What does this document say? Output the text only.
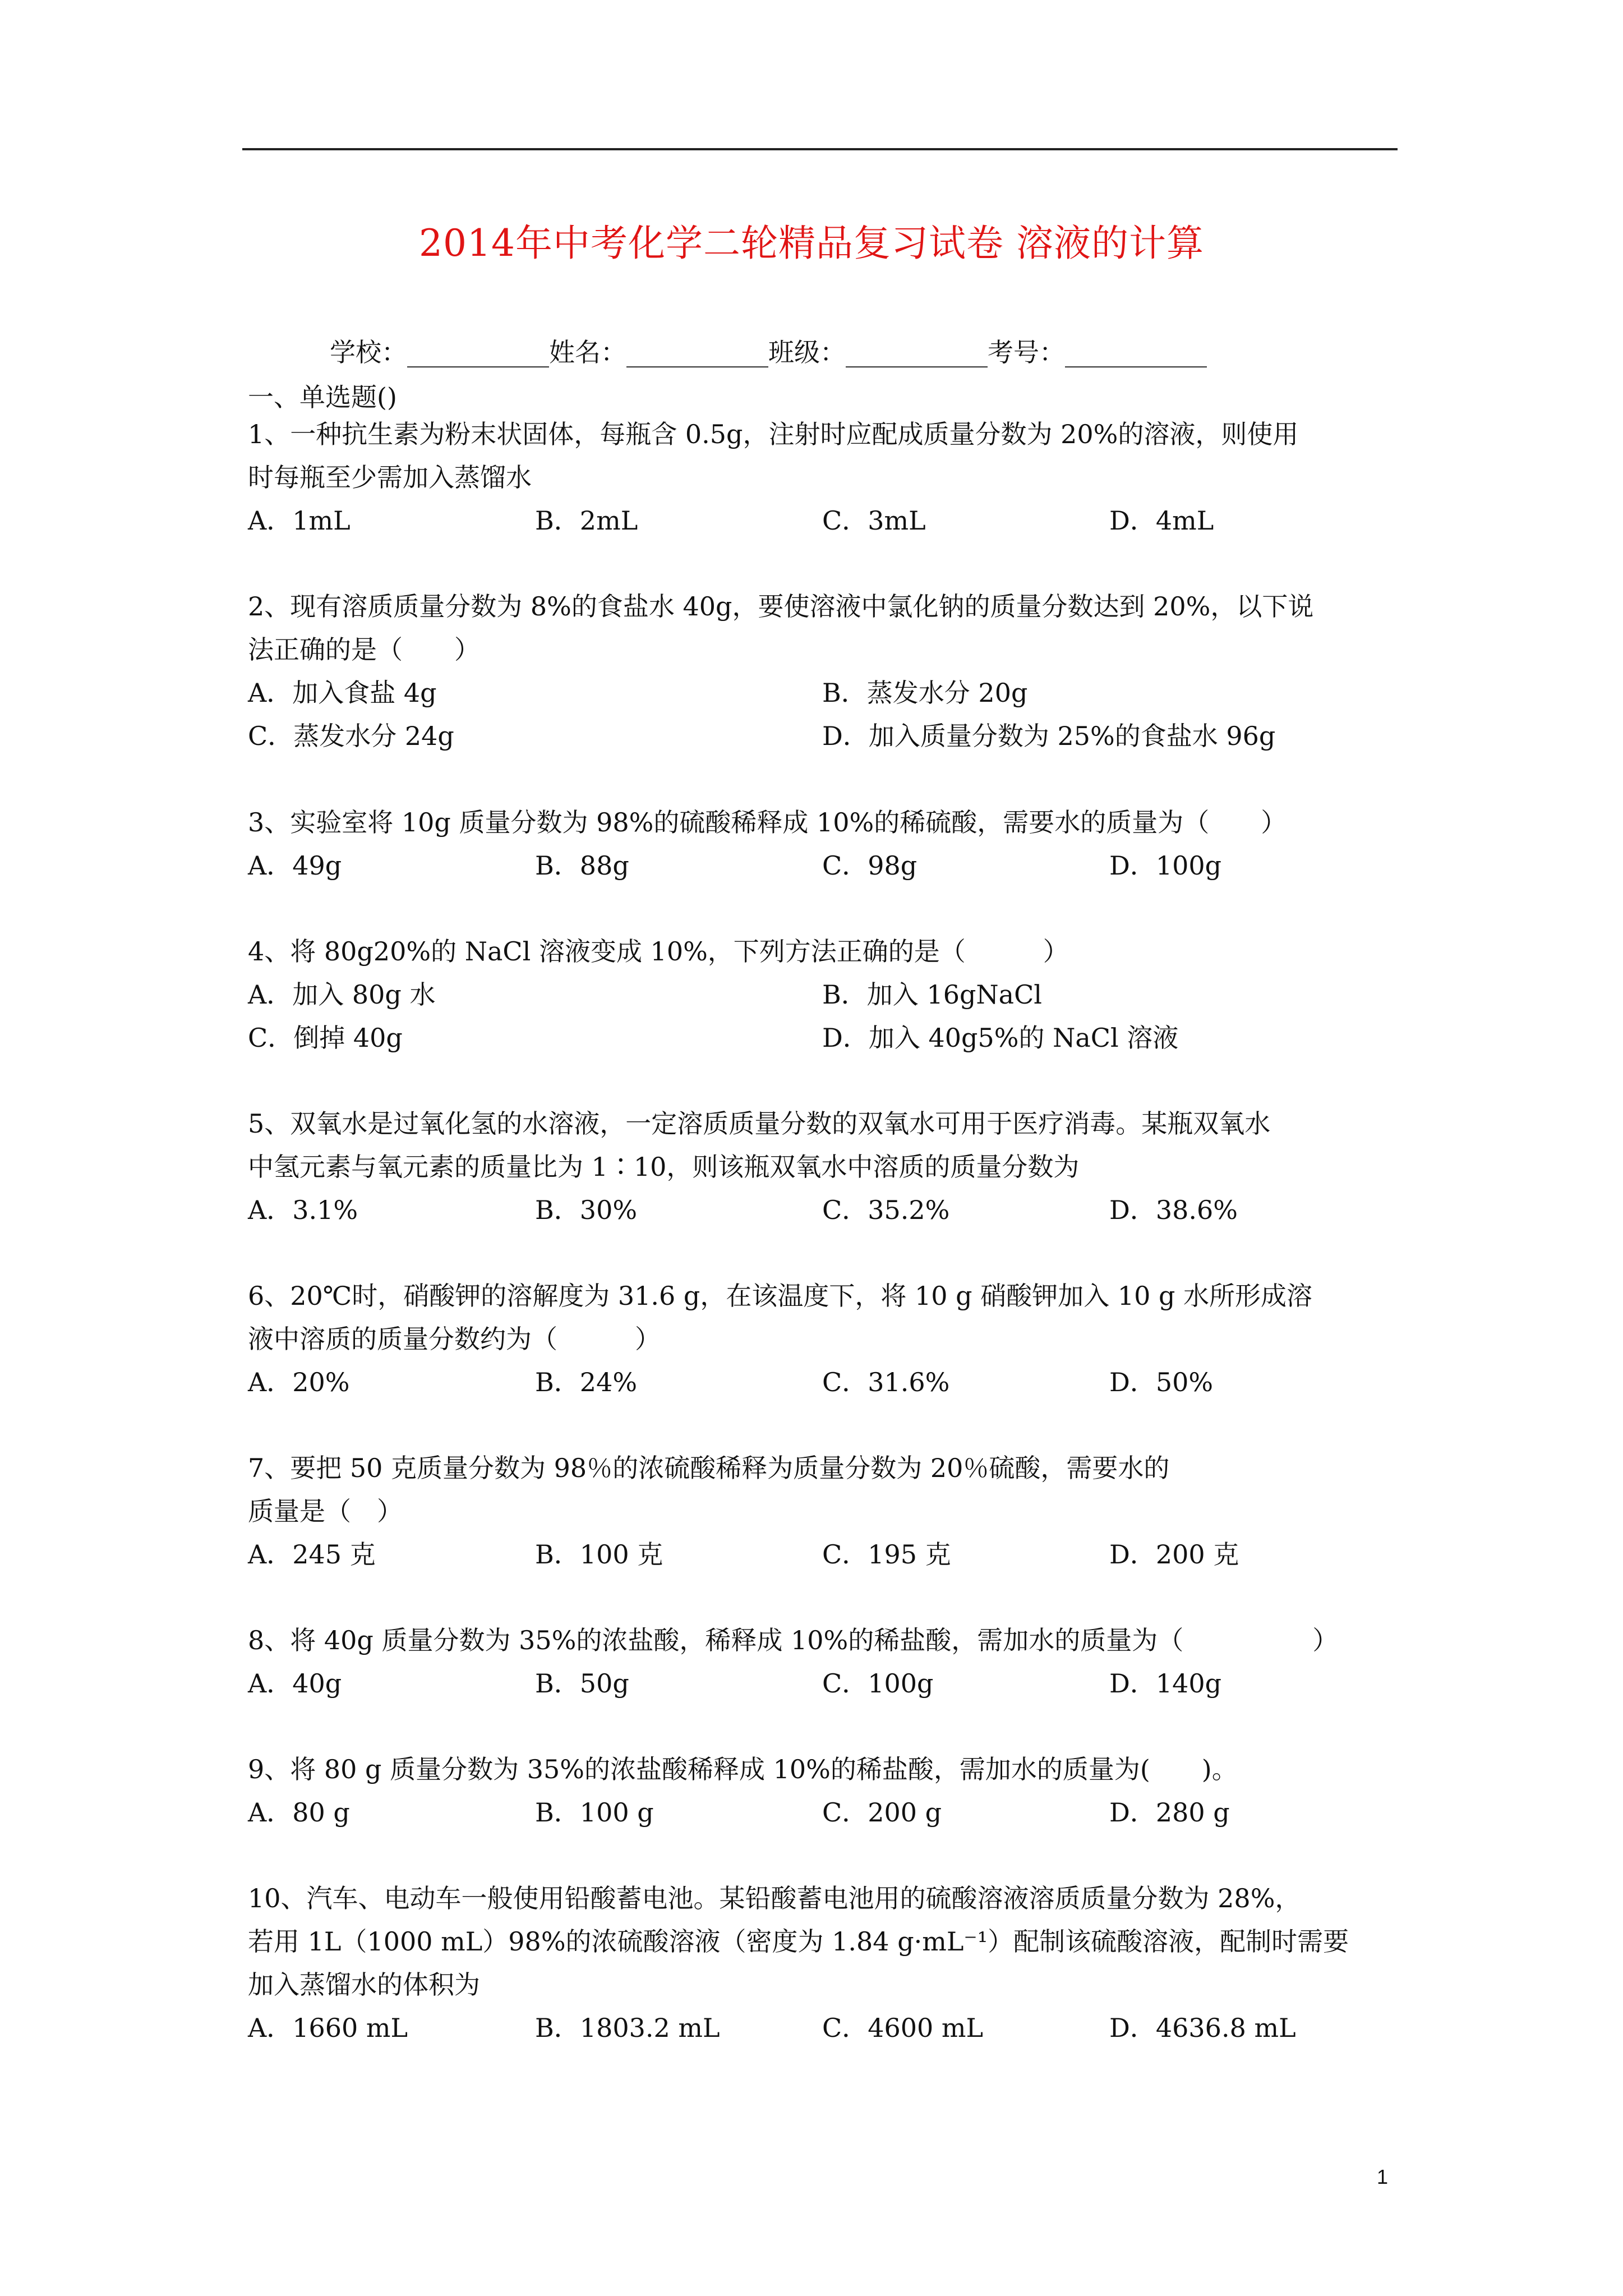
2014年中考化学二轮精品复习试卷 溶液的计算
学校：___________姓名：___________班级：___________考号：___________
一、单选题()
1、一种抗生素为粉末状固体，每瓶含 0.5g，注射时应配成质量分数为 20%的溶液，则使用
时每瓶至少需加入蒸馏水
A．1mL	B．2mL	C．3mL	D．4mL
2、现有溶质质量分数为 8%的食盐水 40g，要使溶液中氯化钠的质量分数达到 20%，以下说
法正确的是（　　）
A．加入食盐 4g	B．蒸发水分 20g
C．蒸发水分 24g	D．加入质量分数为 25%的食盐水 96g
3、实验室将 10g 质量分数为 98%的硫酸稀释成 10%的稀硫酸，需要水的质量为（　　）
A．49g	B．88g	C．98g	D．100g
4、将 80g20%的 NaCl 溶液变成 10%，下列方法正确的是（　　　）
A．加入 80g 水	B．加入 16gNaCl
C．倒掉 40g	D．加入 40g5%的 NaCl 溶液
5、双氧水是过氧化氢的水溶液，一定溶质质量分数的双氧水可用于医疗消毒。某瓶双氧水
中氢元素与氧元素的质量比为 1∶10，则该瓶双氧水中溶质的质量分数为
A．3.1%	B．30%	C．35.2%	D．38.6%
6、20℃时，硝酸钾的溶解度为 31.6 g，在该温度下，将 10 g 硝酸钾加入 10 g 水所形成溶
液中溶质的质量分数约为（　　　）
A．20%	B．24%	C．31.6%	D．50%
7、要把 50 克质量分数为 98％的浓硫酸稀释为质量分数为 20％硫酸，需要水的
质量是（　）
A．245 克	B．100 克	C．195 克	D．200 克
8、将 40g 质量分数为 35%的浓盐酸，稀释成 10%的稀盐酸，需加水的质量为（　　　　　）
A．40g	B．50g	C．100g	D．140g
9、将 80 g 质量分数为 35%的浓盐酸稀释成 10%的稀盐酸，需加水的质量为(　　)。
A．80 g	B．100 g	C．200 g	D．280 g
10、汽车、电动车一般使用铅酸蓄电池。某铅酸蓄电池用的硫酸溶液溶质质量分数为 28%，
若用 1L（1000 mL）98%的浓硫酸溶液（密度为 1.84 g·mL⁻¹）配制该硫酸溶液，配制时需要
加入蒸馏水的体积为
A．1660 mL	B．1803.2 mL	C．4600 mL	D．4636.8 mL
1
